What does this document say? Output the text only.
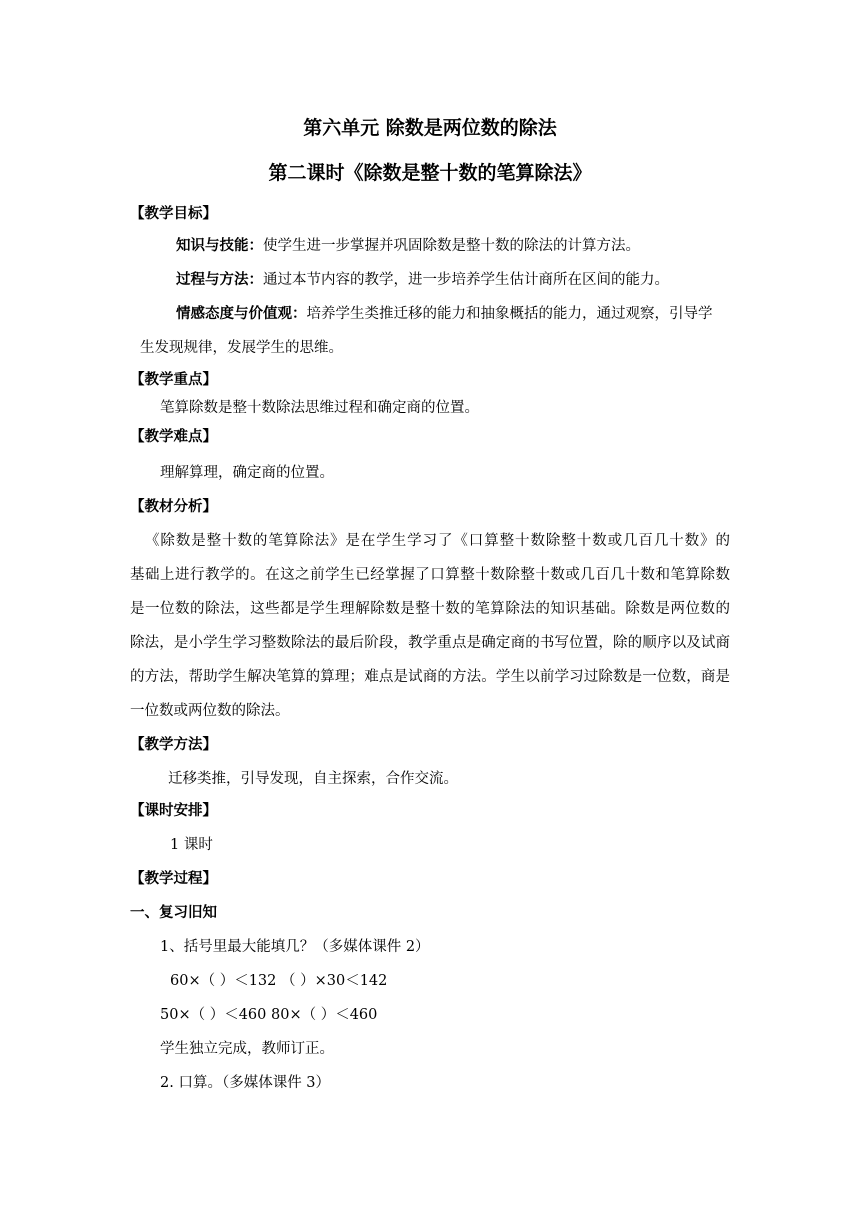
第六单元 除数是两位数的除法
第二课时《除数是整十数的笔算除法》
【教学目标】
知识与技能：使学生进一步掌握并巩固除数是整十数的除法的计算方法。
过程与方法：通过本节内容的教学，进一步培养学生估计商所在区间的能力。
情感态度与价值观：培养学生类推迁移的能力和抽象概括的能力，通过观察，引导学
生发现规律，发展学生的思维。
【教学重点】
笔算除数是整十数除法思维过程和确定商的位置。
【教学难点】
理解算理，确定商的位置。
【教材分析】
《除数是整十数的笔算除法》是在学生学习了《口算整十数除整十数或几百几十数》的
基础上进行教学的。在这之前学生已经掌握了口算整十数除整十数或几百几十数和笔算除数
是一位数的除法，这些都是学生理解除数是整十数的笔算除法的知识基础。除数是两位数的
除法，是小学生学习整数除法的最后阶段，教学重点是确定商的书写位置，除的顺序以及试商
的方法，帮助学生解决笔算的算理；难点是试商的方法。学生以前学习过除数是一位数，商是
一位数或两位数的除法。
【教学方法】
迁移类推，引导发现，自主探索，合作交流。
【课时安排】
1 课时
【教学过程】
一、复习旧知
1、括号里最大能填几？（多媒体课件 2）
60×（ ）＜132 （ ）×30＜142
50×（ ）＜460 80×（ ）＜460
学生独立完成，教师订正。
2. 口算。（多媒体课件 3）
